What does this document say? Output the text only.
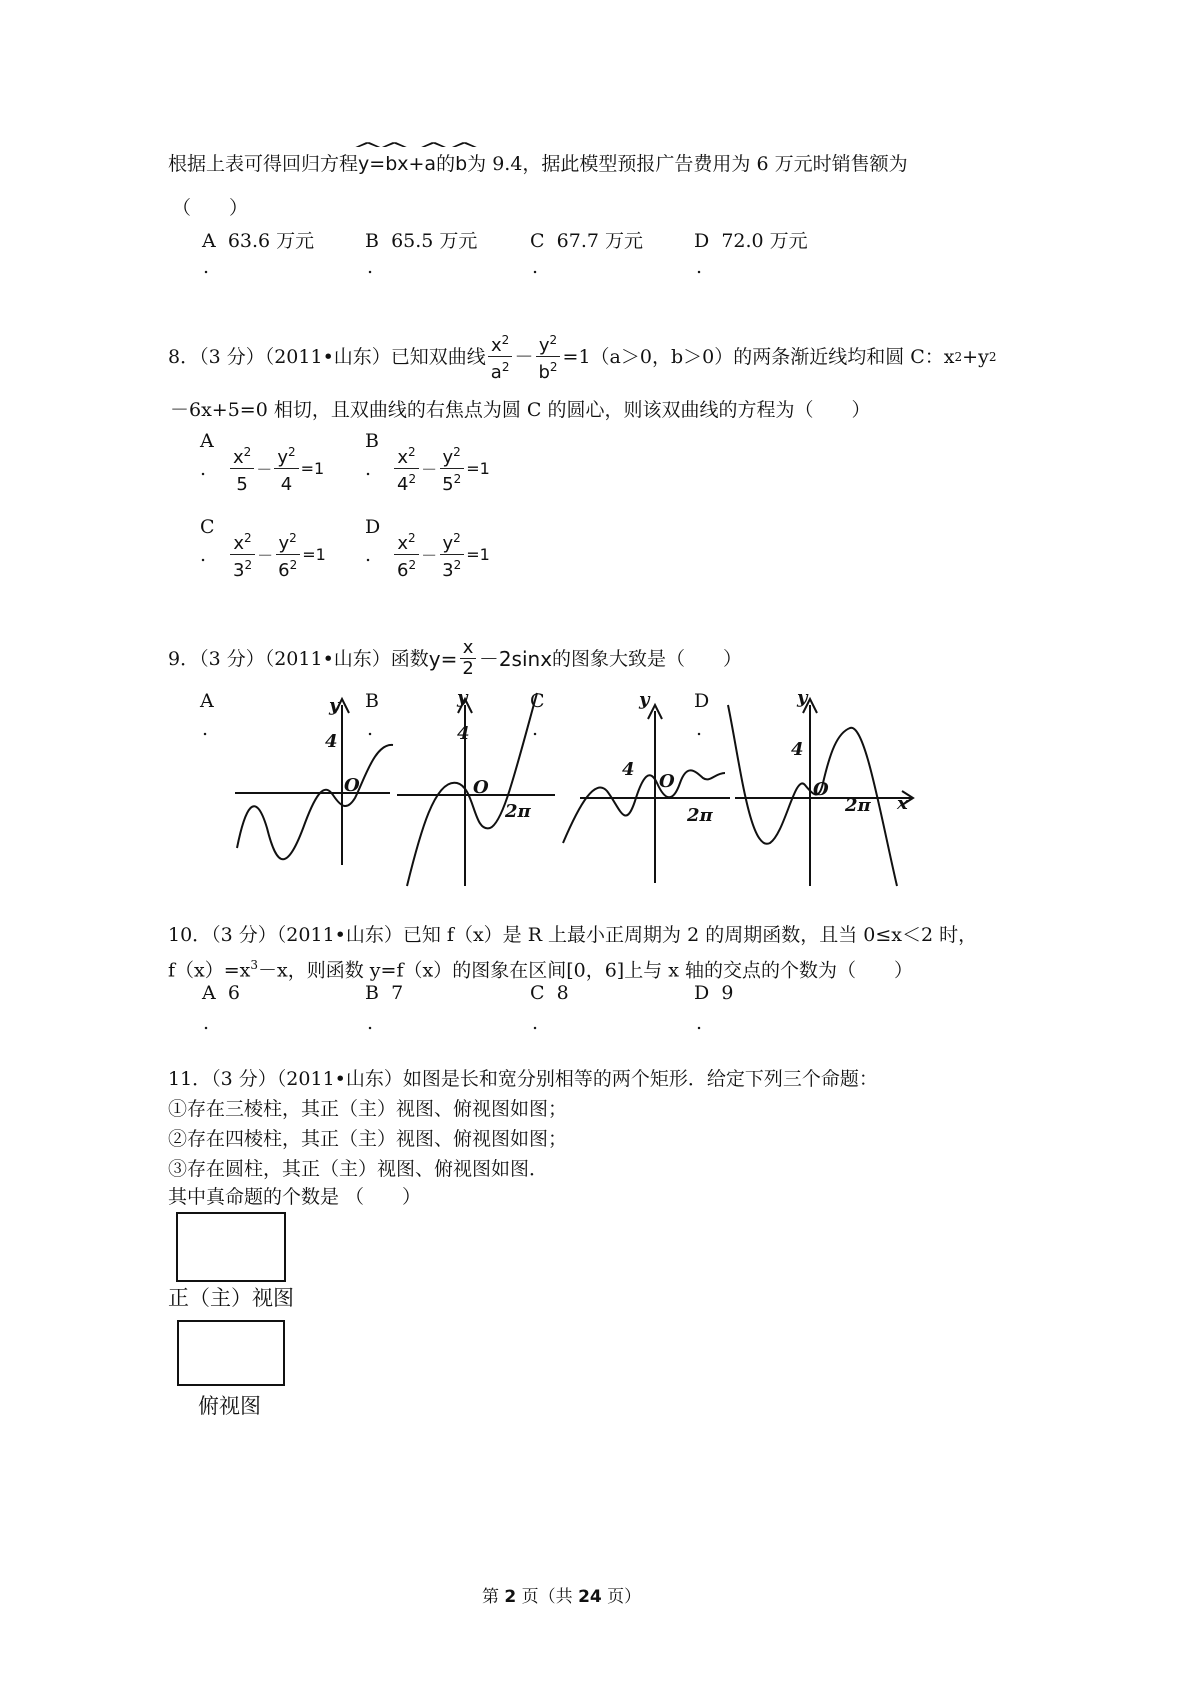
根据上表可得回归方程^ y=^ bx+^ a的^ b为 9.4，据此模型预报广告费用为 6 万元时销售额为
（　　）
A 63.6 万元	B 65.5 万元	C 67.7 万元	D 72.0 万元
.	.	.	.
8．（3 分）（2011•山东）已知双曲线 $\frac{x^2}{a^2} - \frac{y^2}{b^2} =1(a>0$，b＞0）的两条渐近线均和圆 C：x 2 +y 2
－6x+5=0 相切，且双曲线的右焦点为圆 C 的圆心，则该双曲线的方程为（　　）
A
.	$\frac{x^2}{5} - \frac{y^2}{4} =1$
B
.	$\frac{x^2}{4^2} - \frac{y^2}{5^2} =1$
C
.	$\frac{x^2}{3^2} - \frac{y^2}{6^2} =1$
D
.	$\frac{x^2}{6^2} - \frac{y^2}{3^2} =1$
9．（3 分）（2011•山东）函数 $y= \frac{x}{2} -2\sin x$ 的图象大致是（　　）
A	B	C	D
.	.	.	.
y
4
O
y
4
O
2π
y
4
O
2π
y
4
O
2π x
10．（3 分）（2011•山东）已知 f（x）是 R 上最小正周期为 2 的周期函数，且当 0≤x＜2 时，
$f(x)=x^3-x$，则函数 y=f（x）的图象在区间[0，6]上与 x 轴的交点的个数为（　　）
A 6	B 7	C 8	D 9
.	.	.	.
11．（3 分）（2011•山东）如图是长和宽分别相等的两个矩形．给定下列三个命题：
①存在三棱柱，其正（主）视图、俯视图如图；
②存在四棱柱，其正（主）视图、俯视图如图；
③存在圆柱，其正（主）视图、俯视图如图．
其中真命题的个数是 （　　）
正（主）视图
俯视图
第 2 页（共 24 页）
